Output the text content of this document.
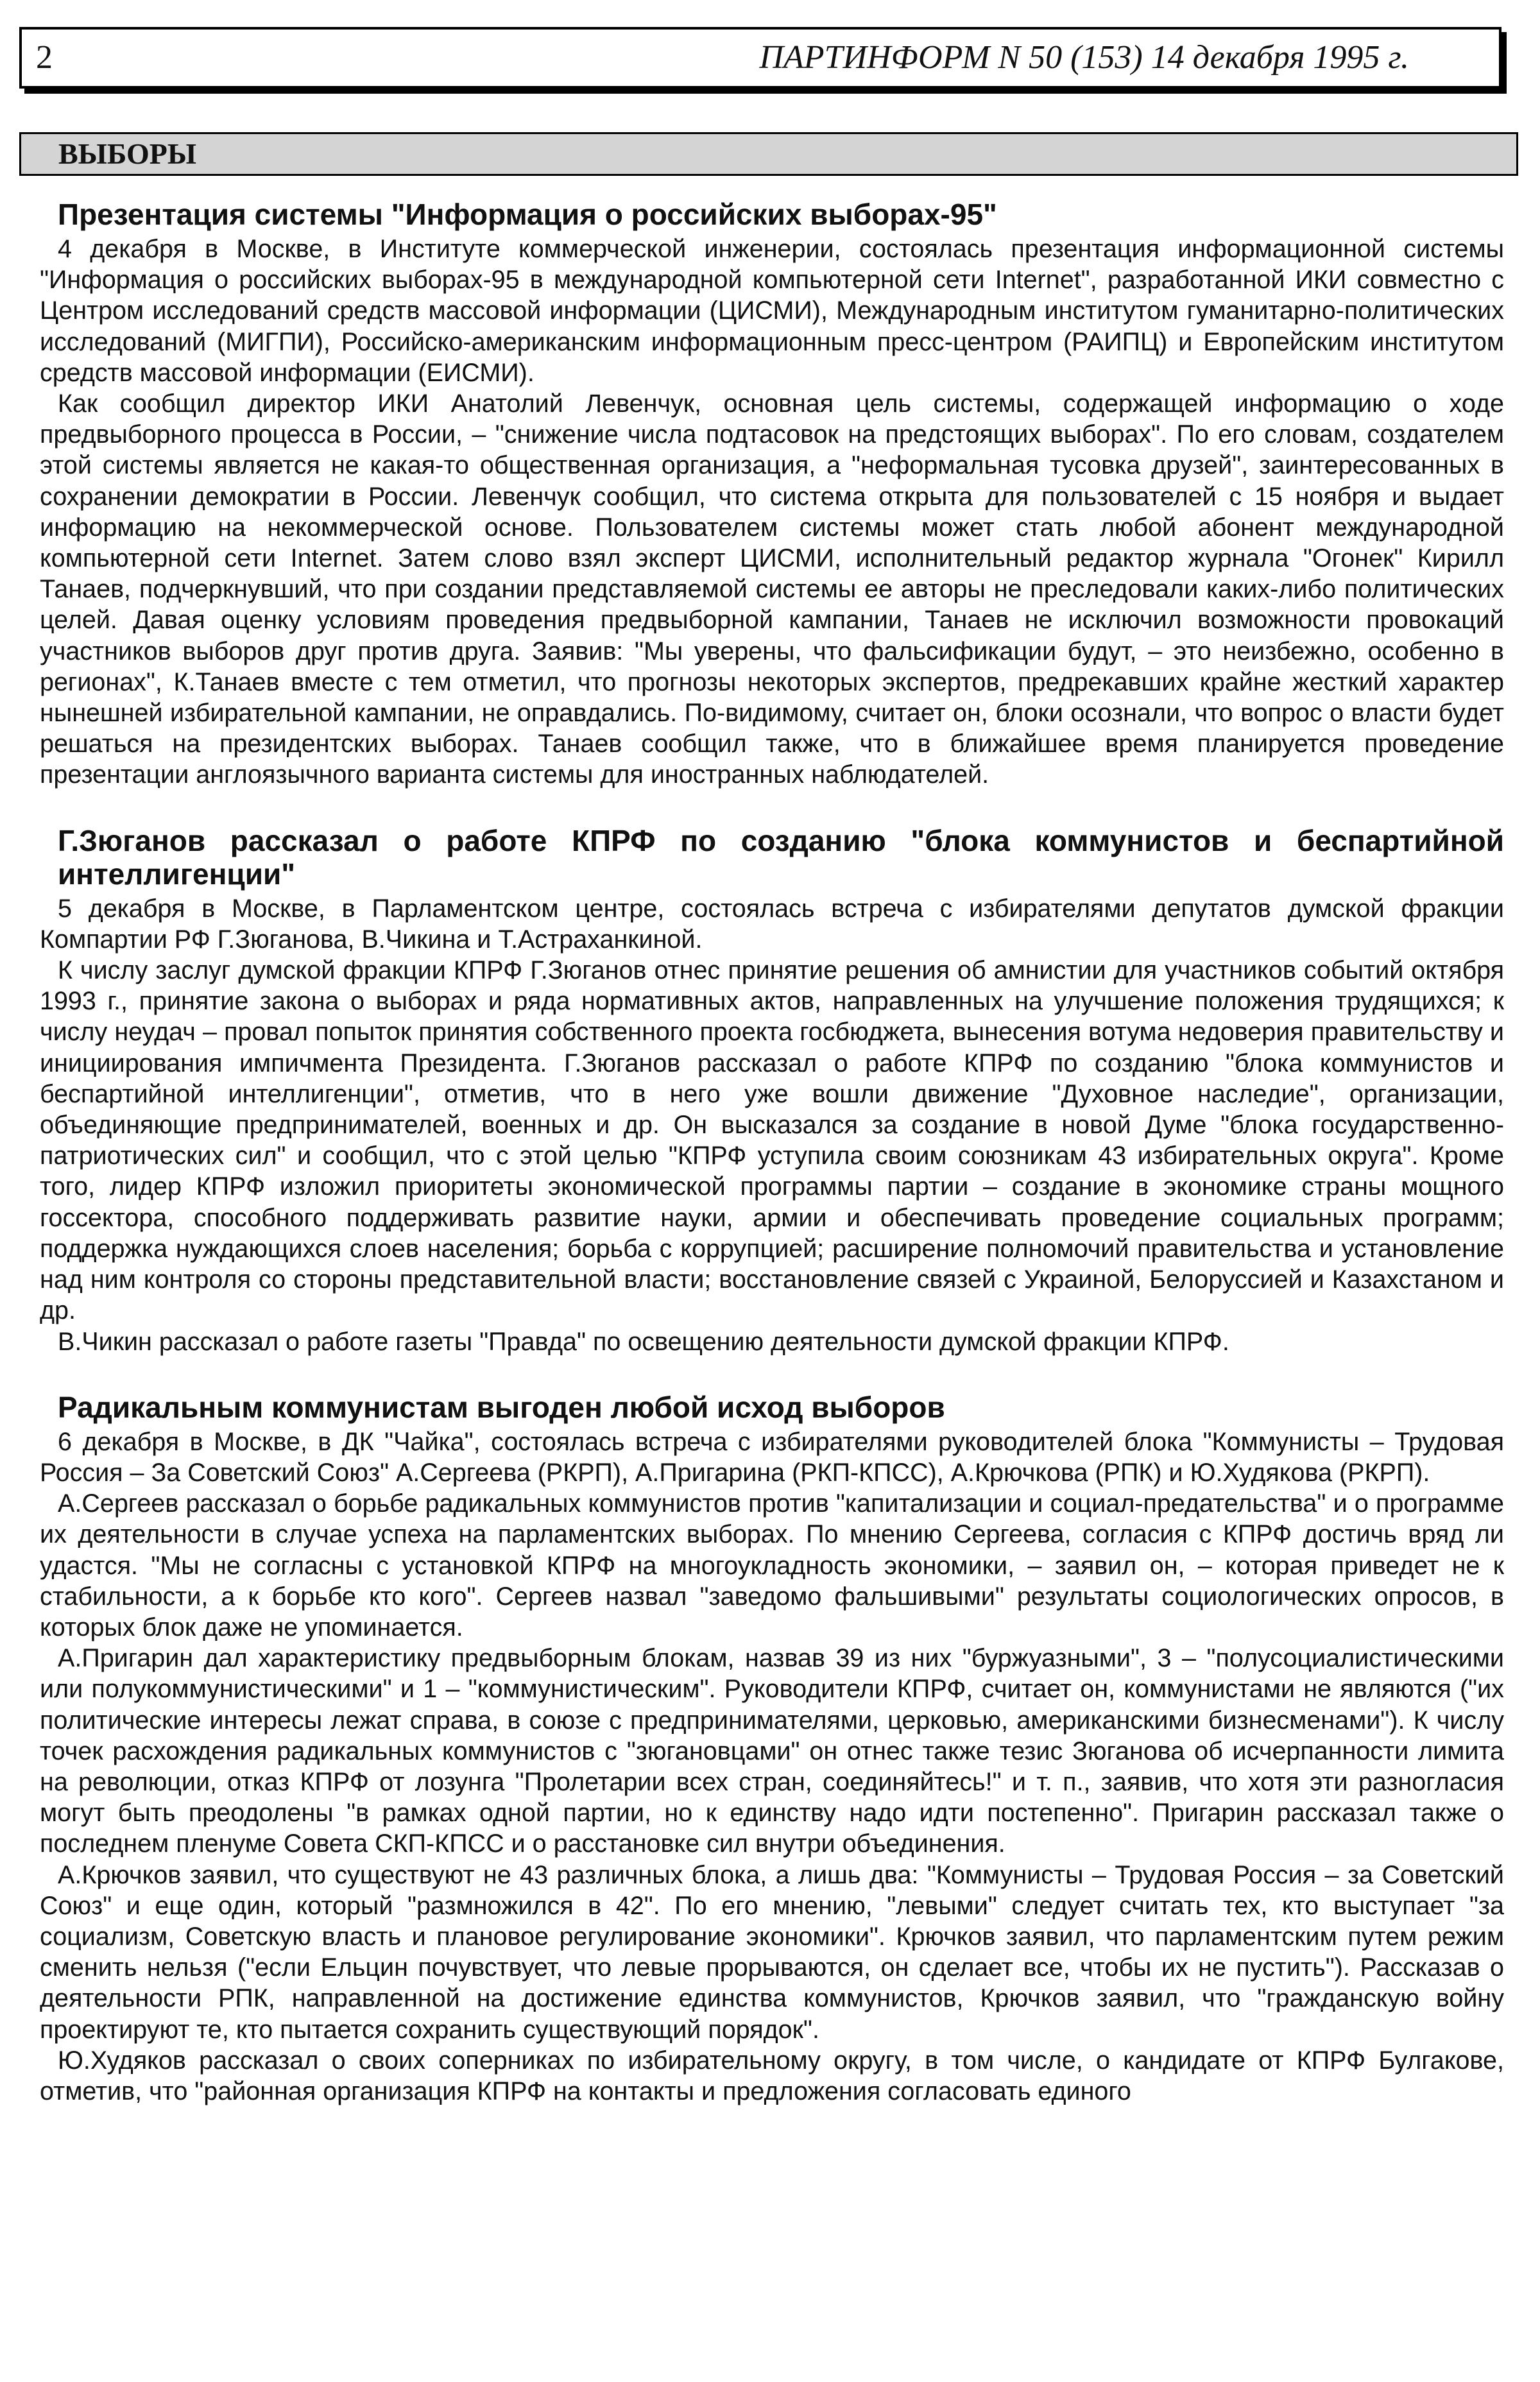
2	ПАРТИНФОРМ N 50 (153) 14 декабря 1995 г.
ВЫБОРЫ
Презентация системы "Информация о российских выборах-95"

4 декабря в Москве, в Институте коммерческой инженерии, состоялась презентация информационной системы "Информация о российских выборах-95 в международной компьютерной сети Internet", разработанной ИКИ совместно с Центром исследований средств массовой информации (ЦИСМИ), Международным институтом гуманитарно-политических исследований (МИГПИ), Российско-американским информационным пресс-центром (РАИПЦ) и Европейским институтом средств массовой информации (ЕИСМИ).

Как сообщил директор ИКИ Анатолий Левенчук, основная цель системы, содержащей информацию о ходе предвыборного процесса в России, – "снижение числа подтасовок на предстоящих выборах". По его словам, создателем этой системы является не какая-то общественная организация, а "неформальная тусовка друзей", заинтересованных в сохранении демократии в России. Левенчук сообщил, что система открыта для пользователей с 15 ноября и выдает информацию на некоммерческой основе. Пользователем системы может стать любой абонент международной компьютерной сети Internet. Затем слово взял эксперт ЦИСМИ, исполнительный редактор журнала "Огонек" Кирилл Танаев, подчеркнувший, что при создании представляемой системы ее авторы не преследовали каких-либо политических целей. Давая оценку условиям проведения предвыборной кампании, Танаев не исключил возможности провокаций участников выборов друг против друга. Заявив: "Мы уверены, что фальсификации будут, – это неизбежно, особенно в регионах", К.Танаев вместе с тем отметил, что прогнозы некоторых экспертов, предрекавших крайне жесткий характер нынешней избирательной кампании, не оправдались. По-видимому, считает он, блоки осознали, что вопрос о власти будет решаться на президентских выборах. Танаев сообщил также, что в ближайшее время планируется проведение презентации англоязычного варианта системы для иностранных наблюдателей.

Г.Зюганов рассказал о работе КПРФ по созданию "блока коммунистов и беспартийной интеллигенции"

5 декабря в Москве, в Парламентском центре, состоялась встреча с избирателями депутатов думской фракции Компартии РФ Г.Зюганова, В.Чикина и Т.Астраханкиной.

К числу заслуг думской фракции КПРФ Г.Зюганов отнес принятие решения об амнистии для участников событий октября 1993 г., принятие закона о выборах и ряда нормативных актов, направленных на улучшение положения трудящихся; к числу неудач – провал попыток принятия собственного проекта госбюджета, вынесения вотума недоверия правительству и инициирования импичмента Президента. Г.Зюганов рассказал о работе КПРФ по созданию "блока коммунистов и беспартийной интеллигенции", отметив, что в него уже вошли движение "Духовное наследие", организации, объединяющие предпринимателей, военных и др. Он высказался за создание в новой Думе "блока государственно-патриотических сил" и сообщил, что с этой целью "КПРФ уступила своим союзникам 43 избирательных округа". Кроме того, лидер КПРФ изложил приоритеты экономической программы партии – создание в экономике страны мощного госсектора, способного поддерживать развитие науки, армии и обеспечивать проведение социальных программ; поддержка нуждающихся слоев населения; борьба с коррупцией; расширение полномочий правительства и установление над ним контроля со стороны представительной власти; восстановление связей с Украиной, Белоруссией и Казахстаном и др.

В.Чикин рассказал о работе газеты "Правда" по освещению деятельности думской фракции КПРФ.

Радикальным коммунистам выгоден любой исход выборов

6 декабря в Москве, в ДК "Чайка", состоялась встреча с избирателями руководителей блока "Коммунисты – Трудовая Россия – За Советский Союз" А.Сергеева (РКРП), А.Пригарина (РКП-КПСС), А.Крючкова (РПК) и Ю.Худякова (РКРП).

А.Сергеев рассказал о борьбе радикальных коммунистов против "капитализации и социал-предательства" и о программе их деятельности в случае успеха на парламентских выборах. По мнению Сергеева, согласия с КПРФ достичь вряд ли удастся. "Мы не согласны с установкой КПРФ на многоукладность экономики, – заявил он, – которая приведет не к стабильности, а к борьбе кто кого". Сергеев назвал "заведомо фальшивыми" результаты социологических опросов, в которых блок даже не упоминается.

А.Пригарин дал характеристику предвыборным блокам, назвав 39 из них "буржуазными", 3 – "полусоциалистическими или полукоммунистическими" и 1 – "коммунистическим". Руководители КПРФ, считает он, коммунистами не являются ("их политические интересы лежат справа, в союзе с предпринимателями, церковью, американскими бизнесменами"). К числу точек расхождения радикальных коммунистов с "зюгановцами" он отнес также тезис Зюганова об исчерпанности лимита на революции, отказ КПРФ от лозунга "Пролетарии всех стран, соединяйтесь!" и т. п., заявив, что хотя эти разногласия могут быть преодолены "в рамках одной партии, но к единству надо идти постепенно". Пригарин рассказал также о последнем пленуме Совета СКП-КПСС и о расстановке сил внутри объединения.

А.Крючков заявил, что существуют не 43 различных блока, а лишь два: "Коммунисты – Трудовая Россия – за Советский Союз" и еще один, который "размножился в 42". По его мнению, "левыми" следует считать тех, кто выступает "за социализм, Советскую власть и плановое регулирование экономики". Крючков заявил, что парламентским путем режим сменить нельзя ("если Ельцин почувствует, что левые прорываются, он сделает все, чтобы их не пустить"). Рассказав о деятельности РПК, направленной на достижение единства коммунистов, Крючков заявил, что "гражданскую войну проектируют те, кто пытается сохранить существующий порядок".

Ю.Худяков рассказал о своих соперниках по избирательному округу, в том числе, о кандидате от КПРФ Булгакове, отметив, что "районная организация КПРФ на контакты и предложения согласовать единого
